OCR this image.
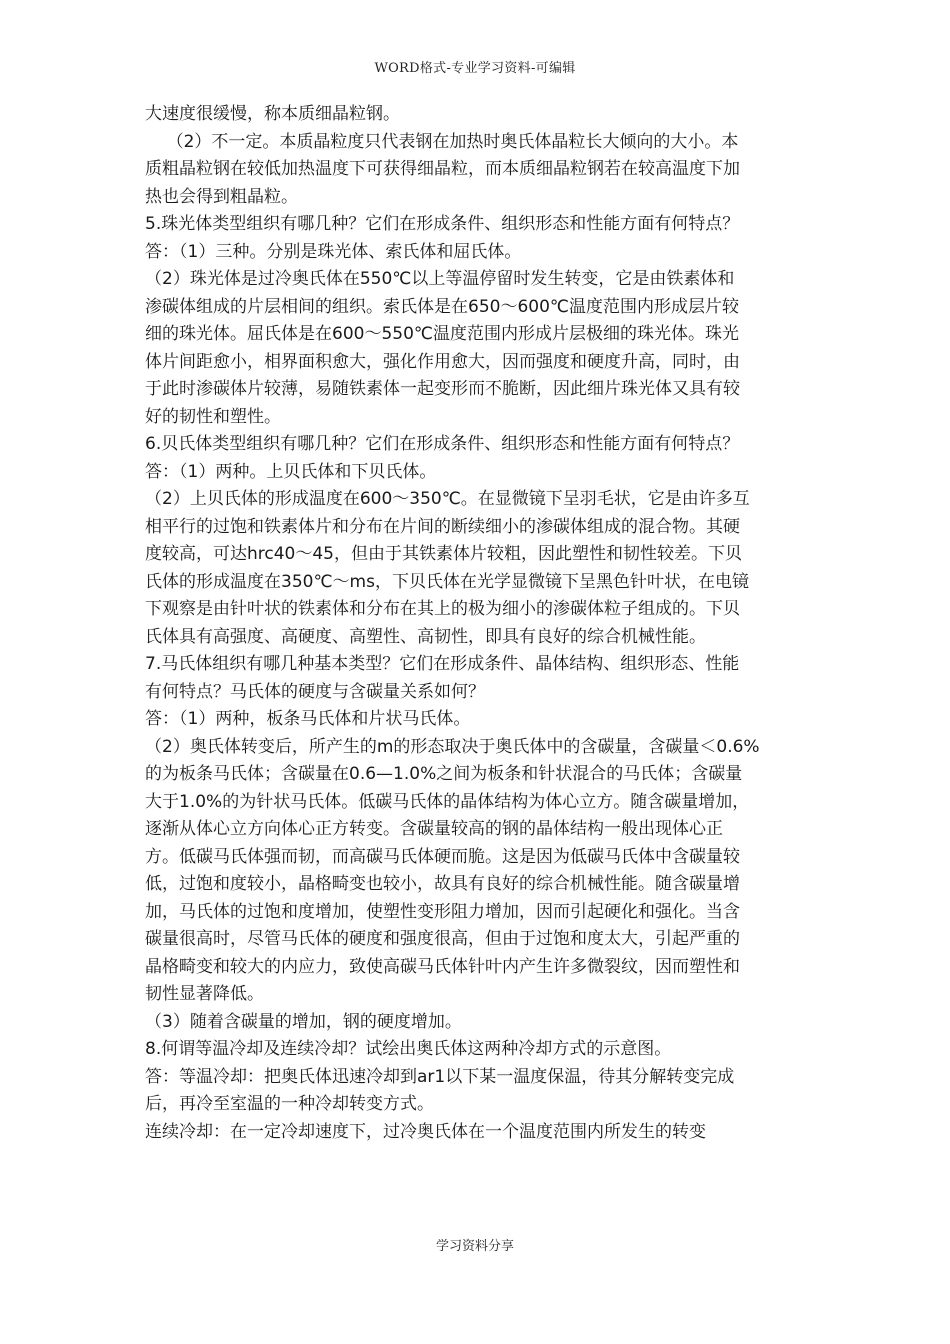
WORD格式-专业学习资料-可编辑
大速度很缓慢，称本质细晶粒钢。
（2）不一定。本质晶粒度只代表钢在加热时奥氏体晶粒长大倾向的大小。本
质粗晶粒钢在较低加热温度下可获得细晶粒，而本质细晶粒钢若在较高温度下加
热也会得到粗晶粒。
5.珠光体类型组织有哪几种？它们在形成条件、组织形态和性能方面有何特点？
答：（1）三种。分别是珠光体、索氏体和屈氏体。
（2）珠光体是过冷奥氏体在550℃以上等温停留时发生转变，它是由铁素体和
渗碳体组成的片层相间的组织。索氏体是在650～600℃温度范围内形成层片较
细的珠光体。屈氏体是在600～550℃温度范围内形成片层极细的珠光体。珠光
体片间距愈小，相界面积愈大，强化作用愈大，因而强度和硬度升高，同时，由
于此时渗碳体片较薄，易随铁素体一起变形而不脆断，因此细片珠光体又具有较
好的韧性和塑性。
6.贝氏体类型组织有哪几种？它们在形成条件、组织形态和性能方面有何特点？
答：（1）两种。上贝氏体和下贝氏体。
（2）上贝氏体的形成温度在600～350℃。在显微镜下呈羽毛状，它是由许多互
相平行的过饱和铁素体片和分布在片间的断续细小的渗碳体组成的混合物。其硬
度较高，可达hrc40～45，但由于其铁素体片较粗，因此塑性和韧性较差。下贝
氏体的形成温度在350℃～ms，下贝氏体在光学显微镜下呈黑色针叶状，在电镜
下观察是由针叶状的铁素体和分布在其上的极为细小的渗碳体粒子组成的。下贝
氏体具有高强度、高硬度、高塑性、高韧性，即具有良好的综合机械性能。
7.马氏体组织有哪几种基本类型？它们在形成条件、晶体结构、组织形态、性能
有何特点？马氏体的硬度与含碳量关系如何？
答：（1）两种，板条马氏体和片状马氏体。
（2）奥氏体转变后，所产生的m的形态取决于奥氏体中的含碳量，含碳量＜0.6%
的为板条马氏体；含碳量在0.6—1.0%之间为板条和针状混合的马氏体；含碳量
大于1.0%的为针状马氏体。低碳马氏体的晶体结构为体心立方。随含碳量增加，
逐渐从体心立方向体心正方转变。含碳量较高的钢的晶体结构一般出现体心正
方。低碳马氏体强而韧，而高碳马氏体硬而脆。这是因为低碳马氏体中含碳量较
低，过饱和度较小，晶格畸变也较小，故具有良好的综合机械性能。随含碳量增
加，马氏体的过饱和度增加，使塑性变形阻力增加，因而引起硬化和强化。当含
碳量很高时，尽管马氏体的硬度和强度很高，但由于过饱和度太大，引起严重的
晶格畸变和较大的内应力，致使高碳马氏体针叶内产生许多微裂纹，因而塑性和
韧性显著降低。
（3）随着含碳量的增加，钢的硬度增加。
8.何谓等温冷却及连续冷却？试绘出奥氏体这两种冷却方式的示意图。
答：等温冷却：把奥氏体迅速冷却到ar1以下某一温度保温，待其分解转变完成
后，再冷至室温的一种冷却转变方式。
连续冷却：在一定冷却速度下，过冷奥氏体在一个温度范围内所发生的转变
学习资料分享
